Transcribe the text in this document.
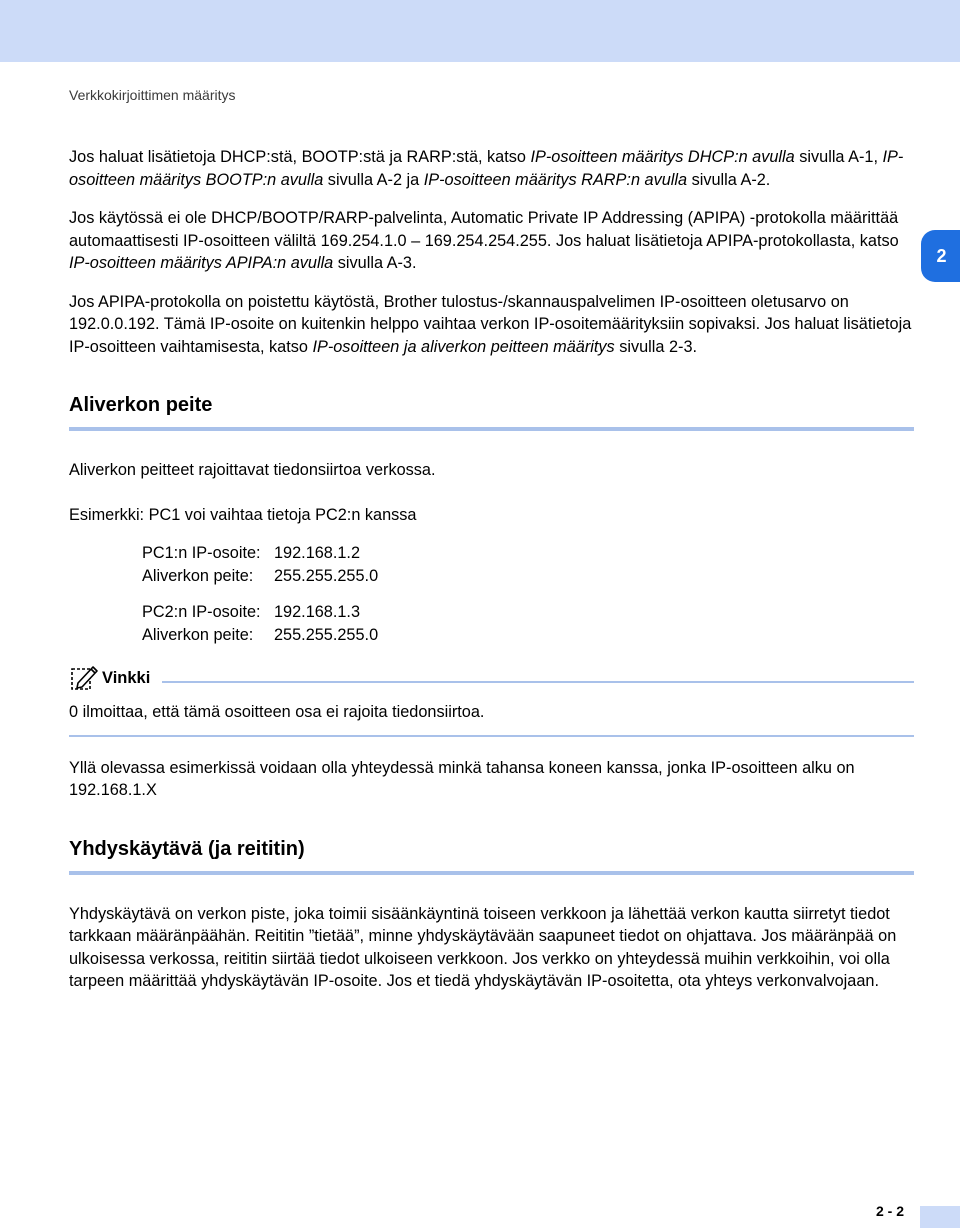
Verkkokirjoittimen määritys
2

Jos haluat lisätietoja DHCP:stä, BOOTP:stä ja RARP:stä, katso IP-osoitteen määritys DHCP:n avulla sivulla A-1, IP-osoitteen määritys BOOTP:n avulla sivulla A-2 ja IP-osoitteen määritys RARP:n avulla sivulla A-2.

Jos käytössä ei ole DHCP/BOOTP/RARP-palvelinta, Automatic Private IP Addressing (APIPA) -protokolla määrittää automaattisesti IP-osoitteen väliltä 169.254.1.0 – 169.254.254.255. Jos haluat lisätietoja APIPA-protokollasta, katso IP-osoitteen määritys APIPA:n avulla sivulla A-3.

Jos APIPA-protokolla on poistettu käytöstä, Brother tulostus-/skannauspalvelimen IP-osoitteen oletusarvo on 192.0.0.192. Tämä IP-osoite on kuitenkin helppo vaihtaa verkon IP-osoitemäärityksiin sopivaksi. Jos haluat lisätietoja IP-osoitteen vaihtamisesta, katso IP-osoitteen ja aliverkon peitteen määritys sivulla 2-3.

Aliverkon peite

Aliverkon peitteet rajoittavat tiedonsiirtoa verkossa.

Esimerkki: PC1 voi vaihtaa tietoja PC2:n kanssa

PC1:n IP-osoite: 192.168.1.2
Aliverkon peite:	255.255.255.0
PC2:n IP-osoite: 192.168.1.3
Aliverkon peite:	255.255.255.0
Vinkki
0 ilmoittaa, että tämä osoitteen osa ei rajoita tiedonsiirtoa.

Yllä olevassa esimerkissä voidaan olla yhteydessä minkä tahansa koneen kanssa, jonka IP-osoitteen alku on 192.168.1.X

Yhdyskäytävä (ja reititin)

Yhdyskäytävä on verkon piste, joka toimii sisäänkäyntinä toiseen verkkoon ja lähettää verkon kautta siirretyt tiedot tarkkaan määränpäähän. Reititin ”tietää”, minne yhdyskäytävään saapuneet tiedot on ohjattava. Jos määränpää on ulkoisessa verkossa, reititin siirtää tiedot ulkoiseen verkkoon. Jos verkko on yhteydessä muihin verkkoihin, voi olla tarpeen määrittää yhdyskäytävän IP-osoite. Jos et tiedä yhdyskäytävän IP-osoitetta, ota yhteys verkonvalvojaan.

2 - 2
